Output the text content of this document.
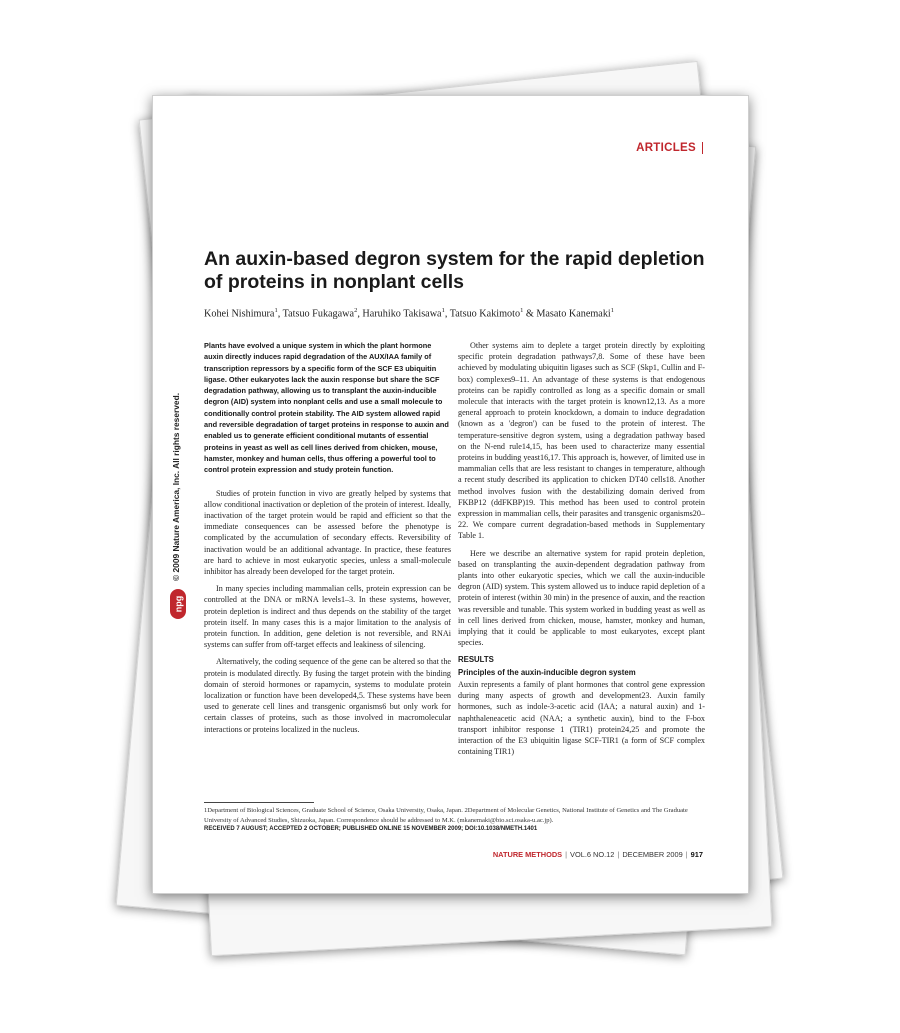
ARTICLES
© 2009 Nature America, Inc. All rights reserved.
npg
An auxin-based degron system for the rapid depletion of proteins in nonplant cells
Kohei Nishimura$^1$, Tatsuo Fukagawa$^2$, Haruhiko Takisawa$^1$, Tatsuo Kakimoto$^1$ & Masato Kanemaki$^1$
Plants have evolved a unique system in which the plant hormone auxin directly induces rapid degradation of the AUX/IAA family of transcription repressors by a specific form of the SCF E3 ubiquitin ligase. Other eukaryotes lack the auxin response but share the SCF degradation pathway, allowing us to transplant the auxin-inducible degron (AID) system into nonplant cells and use a small molecule to conditionally control protein stability. The AID system allowed rapid and reversible degradation of target proteins in response to auxin and enabled us to generate efficient conditional mutants of essential proteins in yeast as well as cell lines derived from chicken, mouse, hamster, monkey and human cells, thus offering a powerful tool to control protein expression and study protein function.

Studies of protein function in vivo are greatly helped by systems that allow conditional inactivation or depletion of the protein of interest. Ideally, inactivation of the target protein would be rapid and efficient so that the immediate consequences can be assessed before the phenotype is complicated by the accumulation of secondary effects. Reversibility of inactivation would be an additional advantage. In practice, these features are hard to achieve in most eukaryotic species, unless a small-molecule inhibitor has already been developed for the target protein.

In many species including mammalian cells, protein expression can be controlled at the DNA or mRNA levels1–3. In these systems, however, protein depletion is indirect and thus depends on the stability of the target protein itself. In many cases this is a major limitation to the analysis of protein function. In addition, gene deletion is not reversible, and RNAi systems can suffer from off-target effects and leakiness of silencing.

Alternatively, the coding sequence of the gene can be altered so that the protein is modulated directly. By fusing the target protein with the binding domain of steroid hormones or rapamycin, systems to modulate protein localization or function have been developed4,5. These systems have been used to generate cell lines and transgenic organisms6 but only work for certain classes of proteins, such as those involved in macromolecular interactions or proteins localized in the nucleus.

Other systems aim to deplete a target protein directly by exploiting specific protein degradation pathways7,8. Some of these have been achieved by modulating ubiquitin ligases such as SCF (Skp1, Cullin and F-box) complexes9–11. An advantage of these systems is that endogenous proteins can be rapidly controlled as long as a specific domain or small molecule that interacts with the target protein is known12,13. As a more general approach to protein knockdown, a domain to induce degradation (known as a 'degron') can be fused to the protein of interest. The temperature-sensitive degron system, using a degradation pathway based on the N-end rule14,15, has been used to characterize many essential proteins in budding yeast16,17. This approach is, however, of limited use in mammalian cells that are less resistant to changes in temperature, although a recent study described its application to chicken DT40 cells18. Another method involves fusion with the destabilizing domain derived from FKBP12 (ddFKBP)19. This method has been used to control protein expression in mammalian cells, their parasites and transgenic organisms20–22. We compare current degradation-based methods in Supplementary Table 1.

Here we describe an alternative system for rapid protein depletion, based on transplanting the auxin-dependent degradation pathway from plants into other eukaryotic species, which we call the auxin-inducible degron (AID) system. This system allowed us to induce rapid depletion of a protein of interest (within 30 min) in the presence of auxin, and the reaction was reversible and tunable. This system worked in budding yeast as well as in cell lines derived from chicken, mouse, hamster, monkey and human, implying that it could be applicable to most eukaryotes, except plant species.

RESULTS
Principles of the auxin-inducible degron system

Auxin represents a family of plant hormones that control gene expression during many aspects of growth and development23. Auxin family hormones, such as indole-3-acetic acid (IAA; a natural auxin) and 1-naphthaleneacetic acid (NAA; a synthetic auxin), bind to the F-box transport inhibitor response 1 (TIR1) protein24,25 and promote the interaction of the E3 ubiquitin ligase SCF-TIR1 (a form of SCF complex containing TIR1)

1Department of Biological Sciences, Graduate School of Science, Osaka University, Osaka, Japan. 2Department of Molecular Genetics, National Institute of Genetics and The Graduate University of Advanced Studies, Shizuoka, Japan. Correspondence should be addressed to M.K. (mkanemaki@bio.sci.osaka-u.ac.jp).
RECEIVED 7 AUGUST; ACCEPTED 2 OCTOBER; PUBLISHED ONLINE 15 NOVEMBER 2009; DOI:10.1038/NMETH.1401
NATURE METHODS | VOL.6 NO.12 | DECEMBER 2009 | 917
